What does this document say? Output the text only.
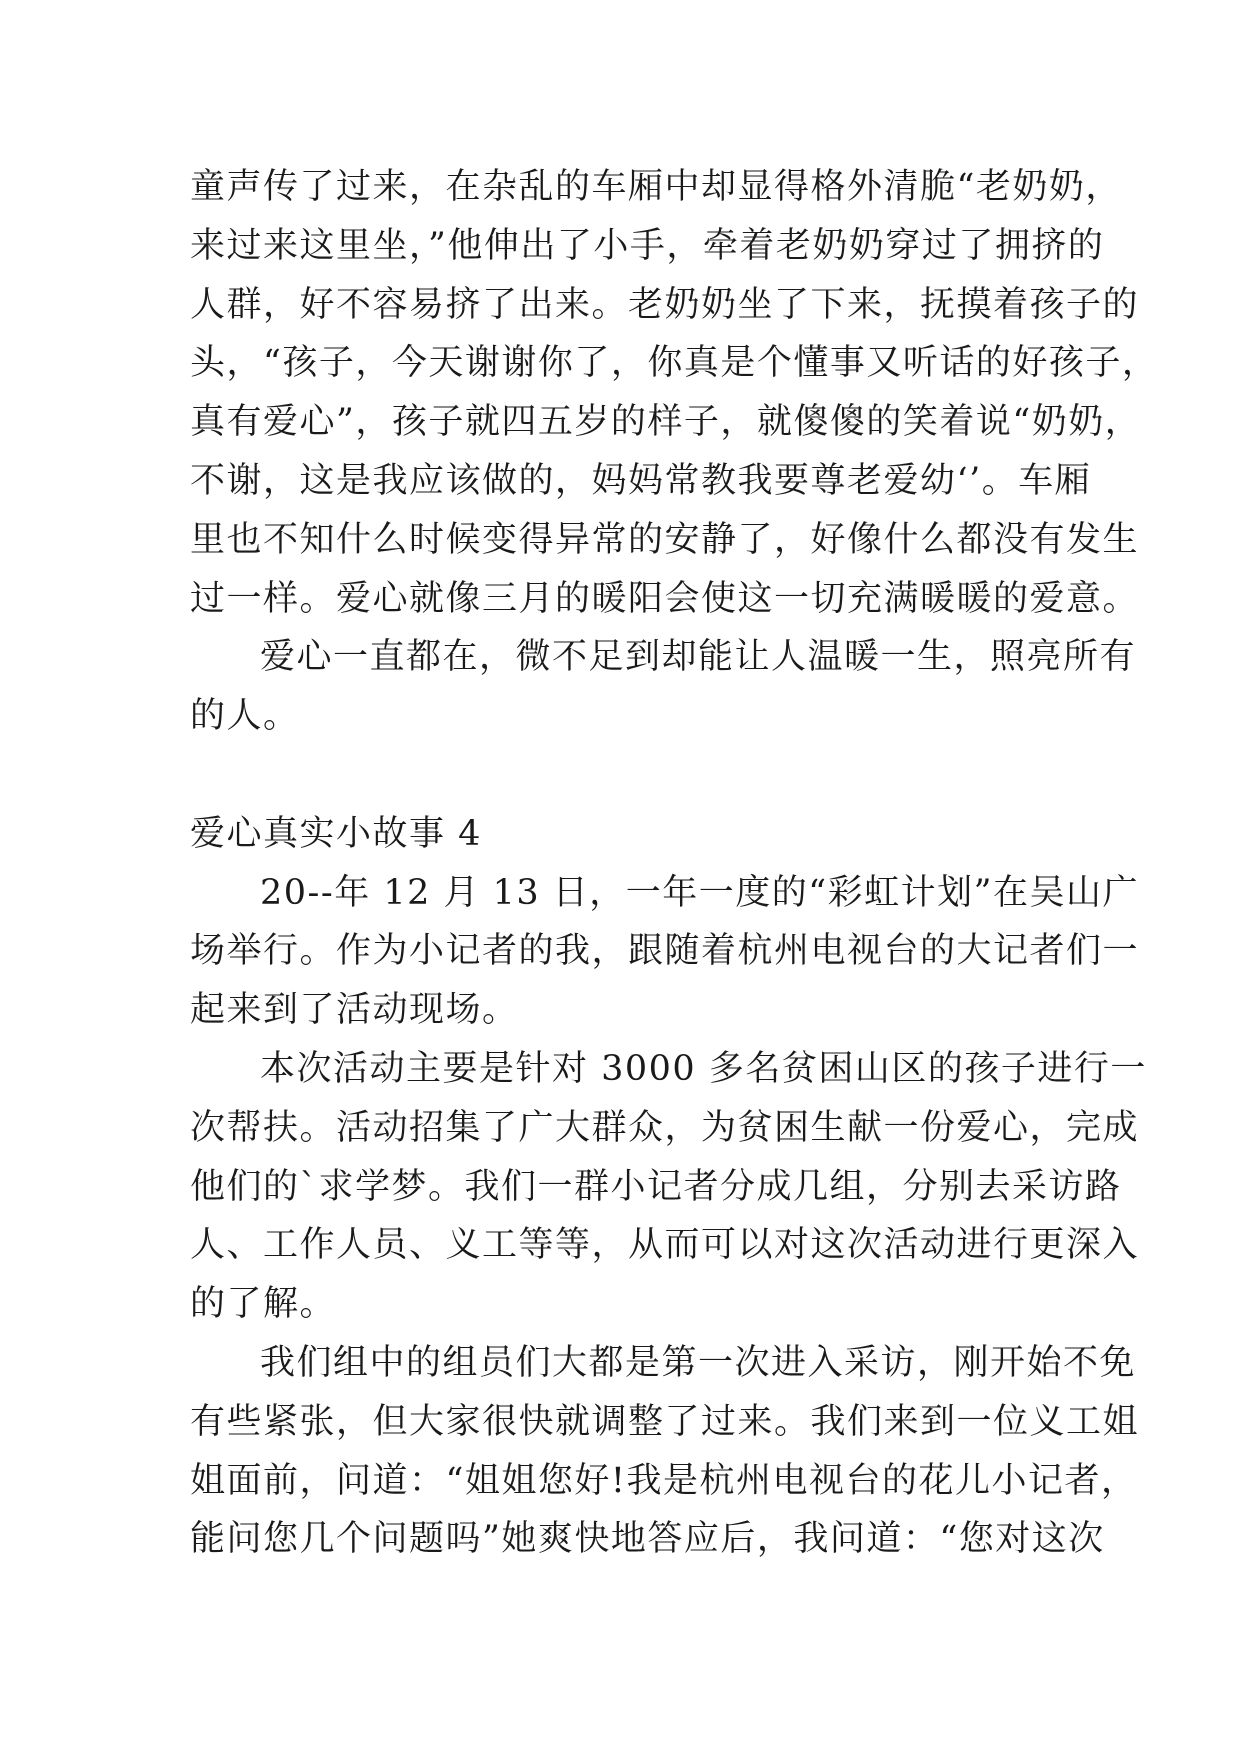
童声传了过来，在杂乱的车厢中却显得格外清脆“老奶奶，
来过来这里坐，”他伸出了小手，牵着老奶奶穿过了拥挤的
人群，好不容易挤了出来。老奶奶坐了下来，抚摸着孩子的
头，“孩子，今天谢谢你了，你真是个懂事又听话的好孩子，
真有爱心”，孩子就四五岁的样子，就傻傻的笑着说“奶奶，
不谢，这是我应该做的，妈妈常教我要尊老爱幼‘’。车厢
里也不知什么时候变得异常的安静了，好像什么都没有发生
过一样。爱心就像三月的暖阳会使这一切充满暖暖的爱意。
爱心一直都在，微不足到却能让人温暖一生，照亮所有
的人。
爱心真实小故事 4
20--年 12 月 13 日，一年一度的“彩虹计划”在吴山广
场举行。作为小记者的我，跟随着杭州电视台的大记者们一
起来到了活动现场。
本次活动主要是针对 3000 多名贫困山区的孩子进行一
次帮扶。活动招集了广大群众，为贫困生献一份爱心，完成
他们的`求学梦。我们一群小记者分成几组，分别去采访路
人、工作人员、义工等等，从而可以对这次活动进行更深入
的了解。
我们组中的组员们大都是第一次进入采访，刚开始不免
有些紧张，但大家很快就调整了过来。我们来到一位义工姐
姐面前，问道：“姐姐您好!我是杭州电视台的花儿小记者，
能问您几个问题吗”她爽快地答应后，我问道：“您对这次
